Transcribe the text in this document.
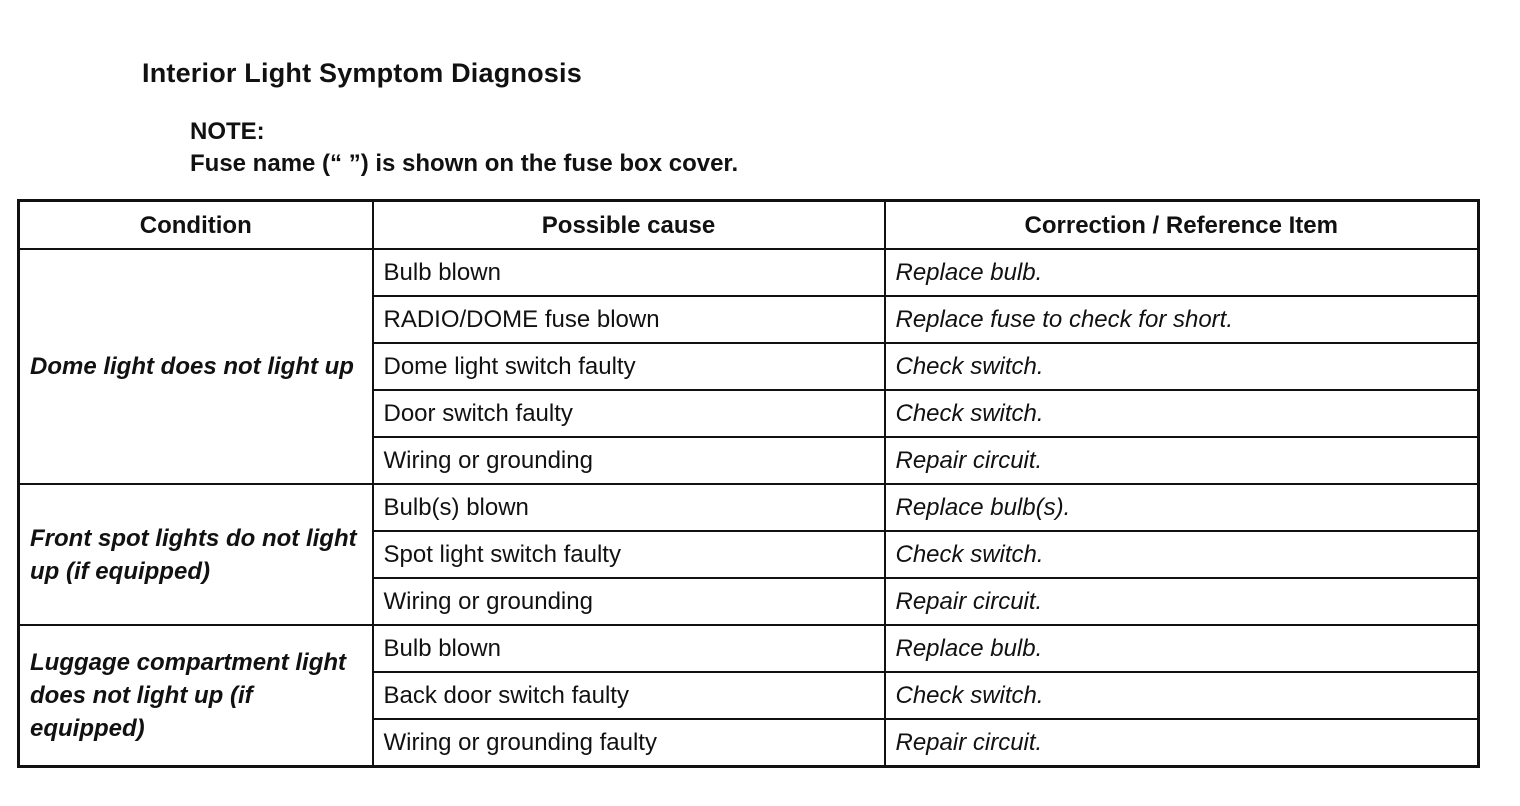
Interior Light Symptom Diagnosis
NOTE:
Fuse name (“ ”) is shown on the fuse box cover.
Condition	Possible cause	Correction / Reference Item
Dome light does not light up	Bulb blown	Replace bulb.
	RADIO/DOME fuse blown	Replace fuse to check for short.
	Dome light switch faulty	Check switch.
	Door switch faulty	Check switch.
	Wiring or grounding	Repair circuit.
Front spot lights do not light up (if equipped)	Bulb(s) blown	Replace bulb(s).
	Spot light switch faulty	Check switch.
	Wiring or grounding	Repair circuit.
Luggage compartment light does not light up (if equipped)	Bulb blown	Replace bulb.
	Back door switch faulty	Check switch.
	Wiring or grounding faulty	Repair circuit.
